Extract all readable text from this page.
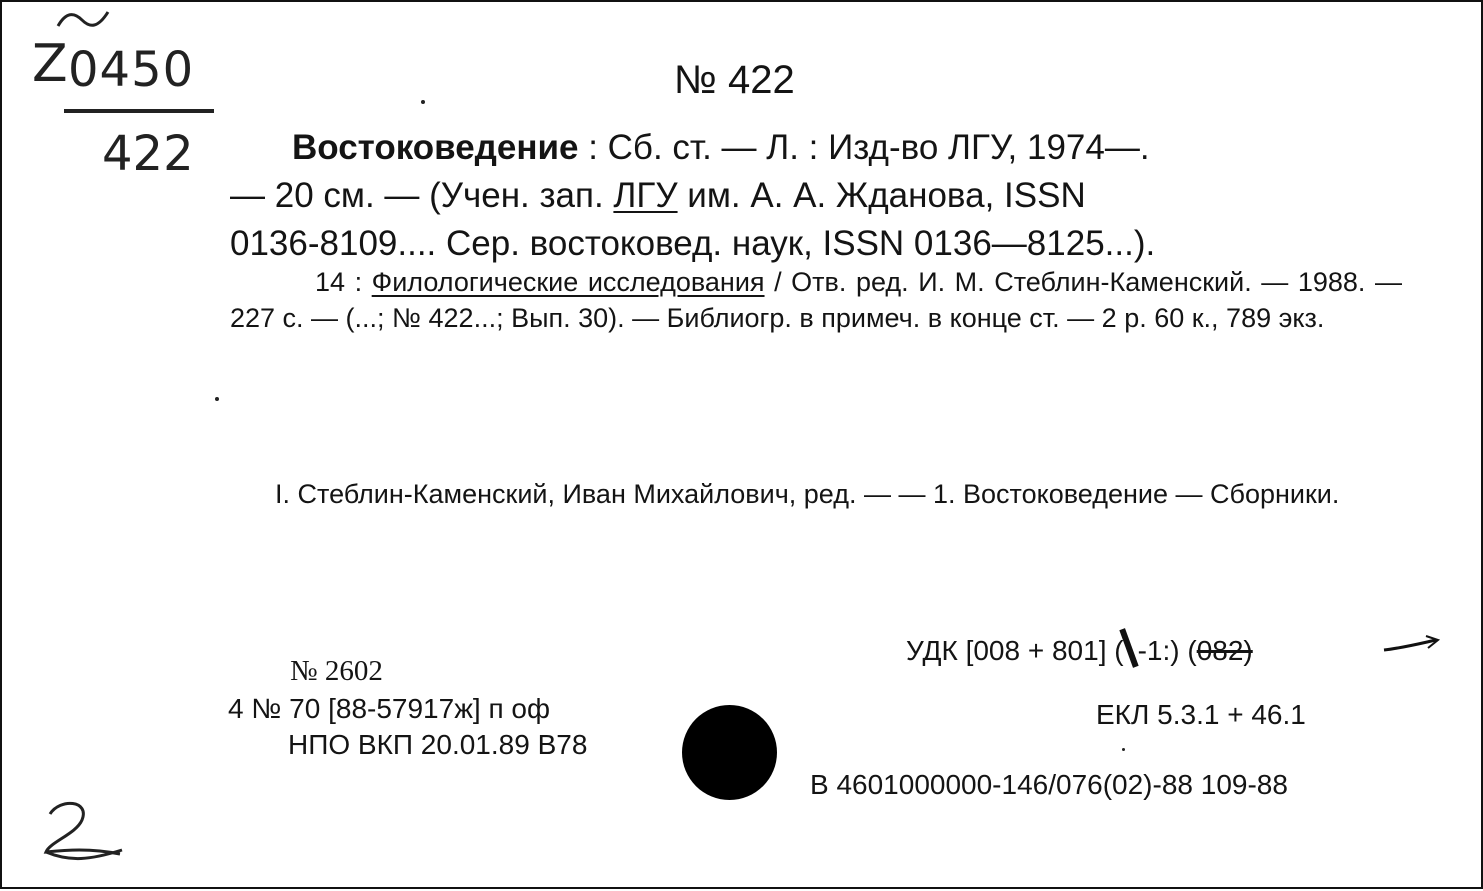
Z 0450
422
№ 422
Востоковедение : Сб. ст. — Л. : Изд-во ЛГУ, 1974—.
— 20 см. — (Учен. зап. ЛГУ им. А. А. Жданова, ISSN
0136-8109.... Сер. востоковед. наук, ISSN 0136—8125...).
14 : Филологические исследования / Отв. ред. И. М. Стеблин-Каменский. — 1988. — 227 с. — (...; № 422...; Вып. 30). — Библиогр. в примеч. в конце ст. — 2 р. 60 к., 789 экз.
I. Стеблин-Каменский, Иван Михайлович, ред. — — 1. Востоковедение — Сборники.
№ 2602
4 № 70 [88-57917ж] п оф
НПО ВКП 20.01.89 В78
УДК [008 + 801] ( -1:) (082)
ЕКЛ 5.3.1 + 46.1
В 4601000000-146/076(02)-88 109-88
